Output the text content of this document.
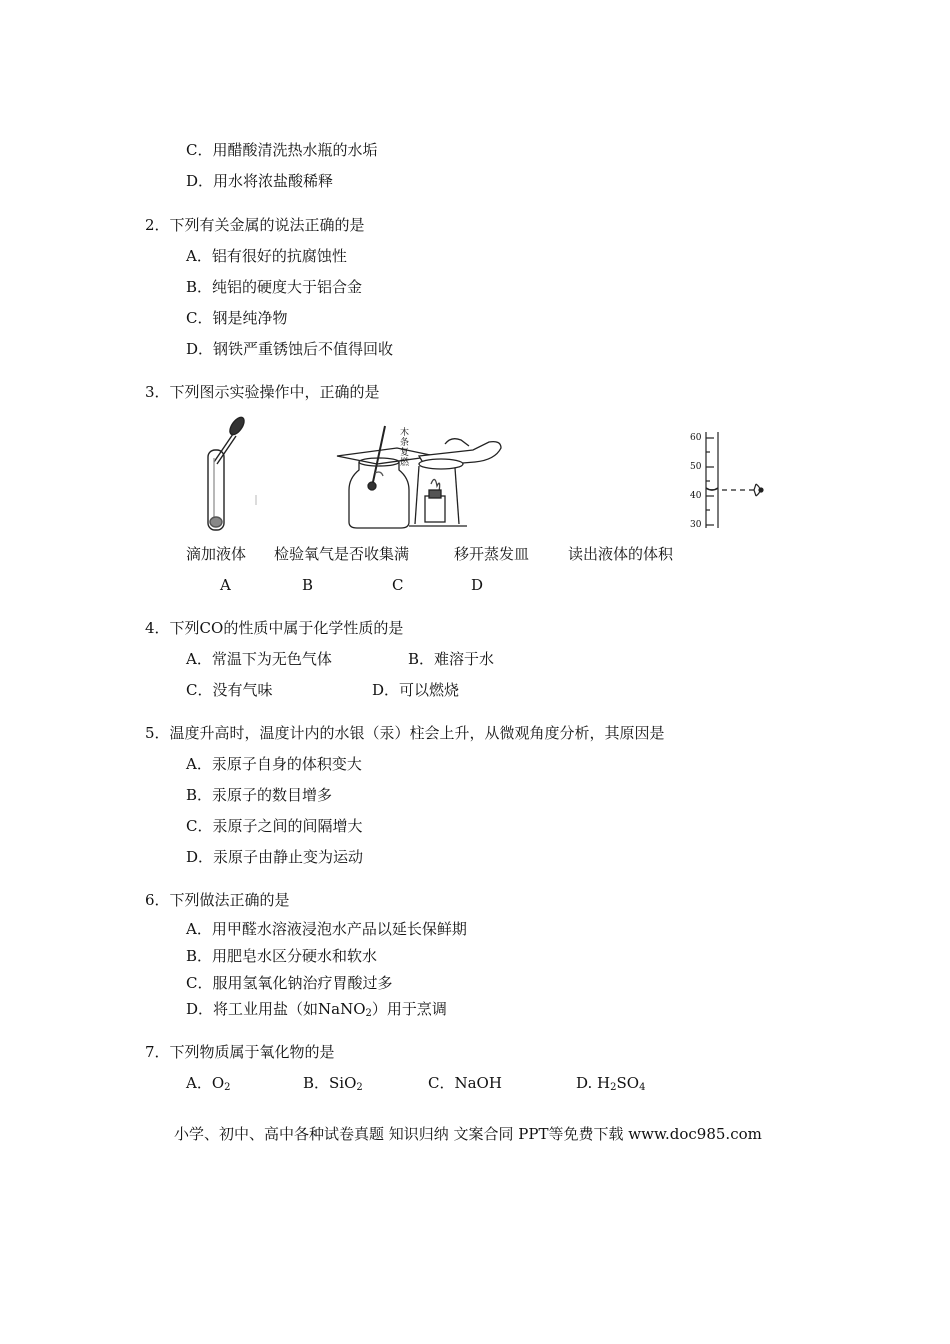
C．用醋酸清洗热水瓶的水垢
D．用水将浓盐酸稀释
2．下列有关金属的说法正确的是
A．铝有很好的抗腐蚀性
B．纯铝的硬度大于铝合金
C．钢是纯净物
D．钢铁严重锈蚀后不值得回收
3．下列图示实验操作中，正确的是
木条复燃
60
50
40
30
滴加液体 检验氧气是否收集满	移开蒸发皿	读出液体的体积
A	B	C	D
4．下列CO的性质中属于化学性质的是
A．常温下为无色气体	B．难溶于水
C．没有气味	D．可以燃烧
5．温度升高时，温度计内的水银（汞）柱会上升，从微观角度分析，其原因是
A．汞原子自身的体积变大
B．汞原子的数目增多
C．汞原子之间的间隔增大
D．汞原子由静止变为运动
6．下列做法正确的是
A．用甲醛水溶液浸泡水产品以延长保鲜期
B．用肥皂水区分硬水和软水
C．服用氢氧化钠治疗胃酸过多
D．将工业用盐（如NaNO$_2$）用于烹调
7．下列物质属于氧化物的是
A．$O_2$	B．SiO$_2$	C．NaOH	D. $H_2SO_4$
小学、初中、高中各种试卷真题 知识归纳 文案合同 PPT等免费下载 www.doc985.com
